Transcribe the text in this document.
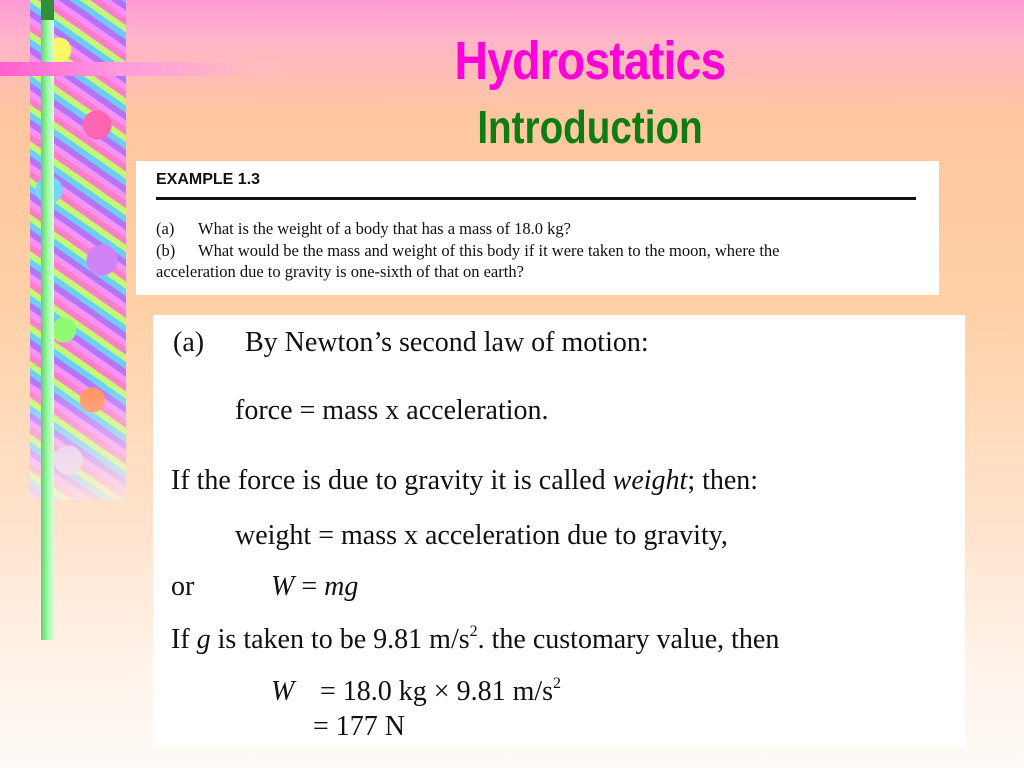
Hydrostatics
Introduction
EXAMPLE 1.3
(a) What is the weight of a body that has a mass of 18.0 kg?
(b) What would be the mass and weight of this body if it were taken to the moon, where the
acceleration due to gravity is one-sixth of that on earth?
(a) By Newton’s second law of motion:
force = mass x acceleration.
If the force is due to gravity it is called weight; then:
weight = mass x acceleration due to gravity,
or	W = mg
If g is taken to be 9.81 $m/s^2$. the customary value, then
W = 18.0 kg × 9.81 $m/s^2$
= 177 N
